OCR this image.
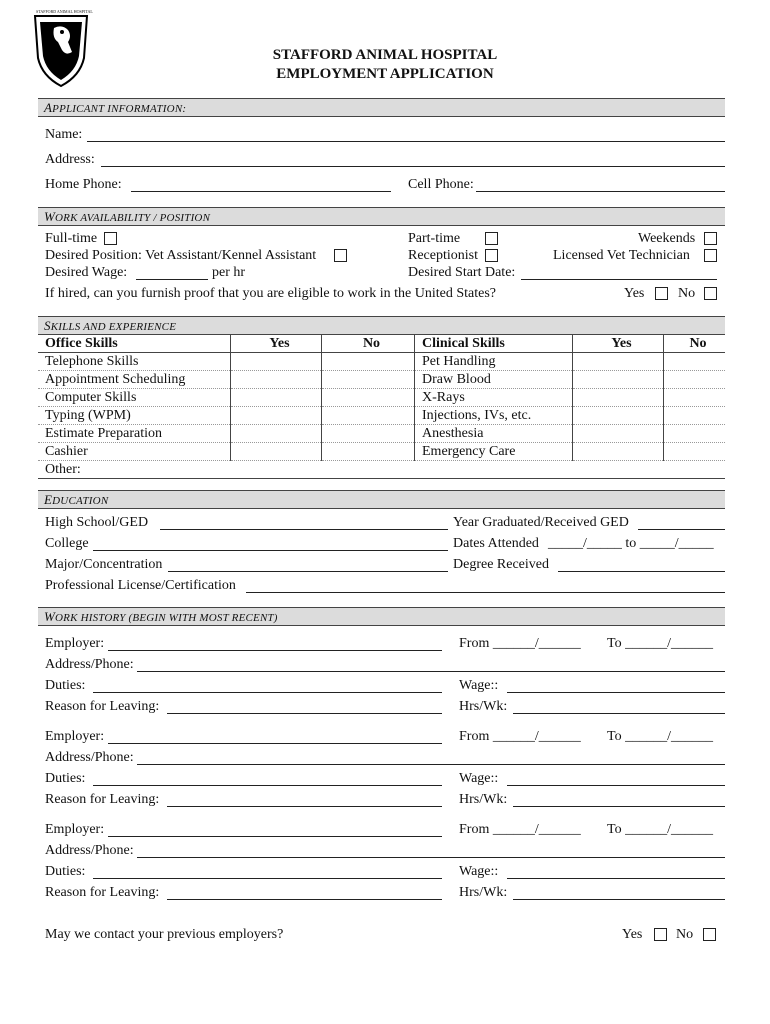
STAFFORD ANIMAL HOSPITAL
STAFFORD ANIMAL HOSPITAL
EMPLOYMENT APPLICATION
APPLICANT INFORMATION:
Name:
Address:
Home Phone:	Cell Phone:
WORK AVAILABILITY / POSITION
Full-time	Part-time	Weekends
Desired Position: Vet Assistant/Kennel Assistant	Receptionist	Licensed Vet Technician
Desired Wage:	per hr	Desired Start Date:
If hired, can you furnish proof that you are eligible to work in the United States?	Yes No
SKILLS AND EXPERIENCE
Office Skills	Yes	No	Clinical Skills	Yes	No
Telephone Skills			Pet Handling		
Appointment Scheduling			Draw Blood		
Computer Skills			X-Rays		
Typing (WPM)			Injections, IVs, etc.		
Estimate Preparation			Anesthesia		
Cashier			Emergency Care		
Other:					
EDUCATION
High School/GED	Year Graduated/Received GED
College	Dates Attended _____/_____ to _____/_____
Major/Concentration	Degree Received
Professional License/Certification
WORK HISTORY (BEGIN WITH MOST RECENT)
Employer:	From ______/______ To ______/______
Address/Phone:
Duties:	Wage::
Reason for Leaving:	Hrs/Wk:
Employer:	From ______/______ To ______/______
Address/Phone:
Duties:	Wage::
Reason for Leaving:	Hrs/Wk:
Employer:	From ______/______ To ______/______
Address/Phone:
Duties:	Wage::
Reason for Leaving:	Hrs/Wk:
May we contact your previous employers?	Yes No
